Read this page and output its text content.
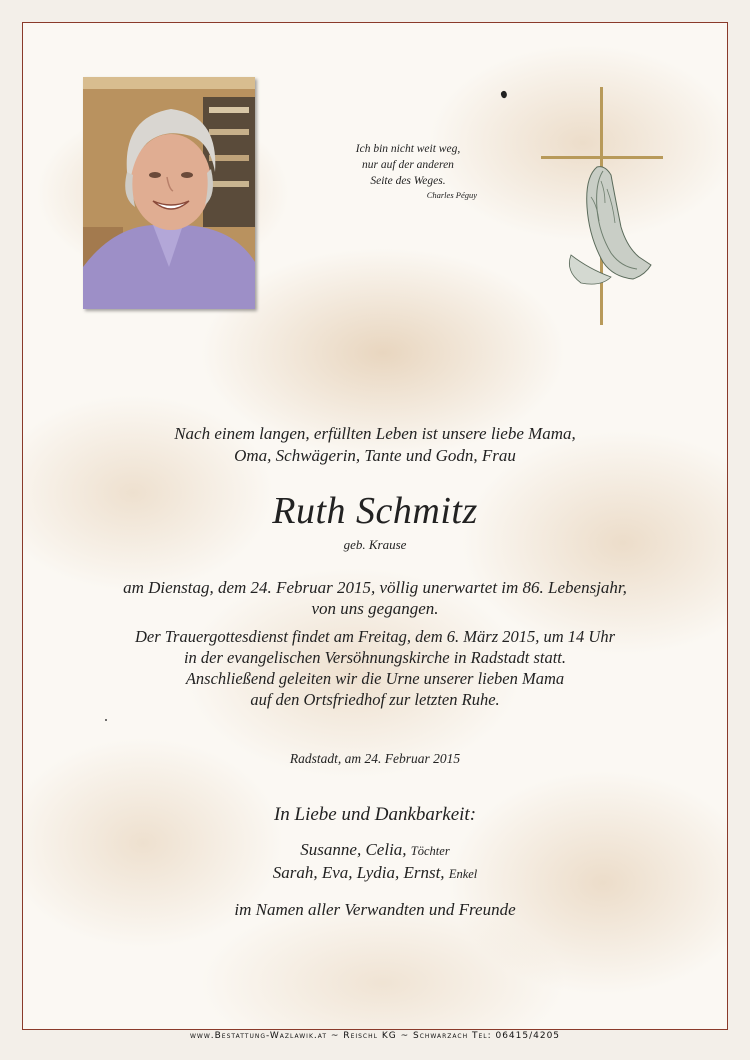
Ich bin nicht weit weg,
nur auf der anderen
Seite des Weges.
Charles Péguy
Nach einem langen, erfüllten Leben ist unsere liebe Mama,
Oma, Schwägerin, Tante und Godn, Frau
Ruth Schmitz
geb. Krause
am Dienstag, dem 24. Februar 2015, völlig unerwartet im 86. Lebensjahr,
von uns gegangen.
Der Trauergottesdienst findet am Freitag, dem 6. März 2015, um 14 Uhr
in der evangelischen Versöhnungskirche in Radstadt statt.
Anschließend geleiten wir die Urne unserer lieben Mama
auf den Ortsfriedhof zur letzten Ruhe.
Radstadt, am 24. Februar 2015
In Liebe und Dankbarkeit:
Susanne, Celia, Töchter
Sarah, Eva, Lydia, Ernst, Enkel
im Namen aller Verwandten und Freunde
www.Bestattung-Wazlawik.at ~ Reischl KG ~ Schwarzach Tel: 06415/4205
